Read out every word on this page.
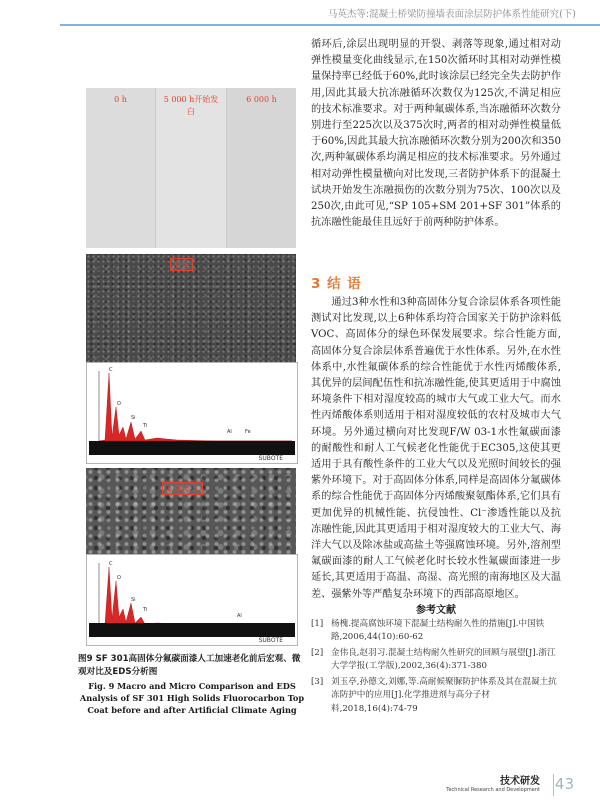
马英杰等:混凝土桥梁防撞墙表面涂层防护体系性能研究(下)
0 h	5 000 h开始发白
6 000 h
0 h
C
O
Si
Ti
Al	Fe
SUBOTE
6 000 h
C
O
Si
Ti
Al
SUBOTE
图9 SF 301高固体分氟碳面漆人工加速老化前后宏观、微观对比及EDS分析图
Fig. 9 Macro and Micro Comparison and EDS Analysis of SF 301 High Solids Fluorocarbon Top Coat before and after Artificial Climate Aging

循环后,涂层出现明显的开裂、剥落等现象,通过相对动弹性模量变化曲线显示,在150次循环时其相对动弹性模量保持率已经低于60%,此时该涂层已经完全失去防护作用,因此其最大抗冻融循环次数仅为125次,不满足相应的技术标准要求。对于两种氟碳体系,当冻融循环次数分别进行至225次以及375次时,两者的相对动弹性模量低于60%,因此其最大抗冻融循环次数分别为200次和350次,两种氟碳体系均满足相应的技术标准要求。另外通过相对动弹性模量横向对比发现,三者防护体系下的混凝土试块开始发生冻融损伤的次数分别为75次、100次以及250次,由此可见,“SP 105+SM 201+SF 301”体系的抗冻融性能最佳且远好于前两种防护体系。

3 结 语

通过3种水性和3种高固体分复合涂层体系各项性能测试对比发现,以上6种体系均符合国家关于防护涂料低VOC、高固体分的绿色环保发展要求。综合性能方面,高固体分复合涂层体系普遍优于水性体系。另外,在水性体系中,水性氟碳体系的综合性能优于水性丙烯酸体系,其优异的层间配伍性和抗冻融性能,使其更适用于中腐蚀环境条件下相对湿度较高的城市大气或工业大气。而水性丙烯酸体系则适用于相对湿度较低的农村及城市大气环境。另外通过横向对比发现F/W 03-1水性氟碳面漆的耐酸性和耐人工气候老化性能优于EC305,这使其更适用于具有酸性条件的工业大气以及光照时间较长的强紫外环境下。对于高固体分体系,同样是高固体分氟碳体系的综合性能优于高固体分丙烯酸聚氨酯体系,它们具有更加优异的机械性能、抗侵蚀性、Cl⁻渗透性能以及抗冻融性能,因此其更适用于相对湿度较大的工业大气、海洋大气以及除冰盐或高盐土等强腐蚀环境。另外,溶剂型氟碳面漆的耐人工气候老化时长较水性氟碳面漆进一步延长,其更适用于高温、高湿、高光照的南海地区及大温差、强紫外等严酷复杂环境下的西部高原地区。

参考文献
[1] 杨槐.提高腐蚀环境下混凝土结构耐久性的措施[J].中国铁路,2006,44(10):60-62
[2] 金伟良,赵羽习.混凝土结构耐久性研究的回顾与展望[J].浙江大学学报(工学版),2002,36(4):371-380
[3] 刘玉亭,孙德文,刘娜,等.高耐候聚脲防护体系及其在混凝土抗冻防护中的应用[J].化学推进剂与高分子材料,2018,16(4):74-79
技术研发
Technical Research and Development 43
